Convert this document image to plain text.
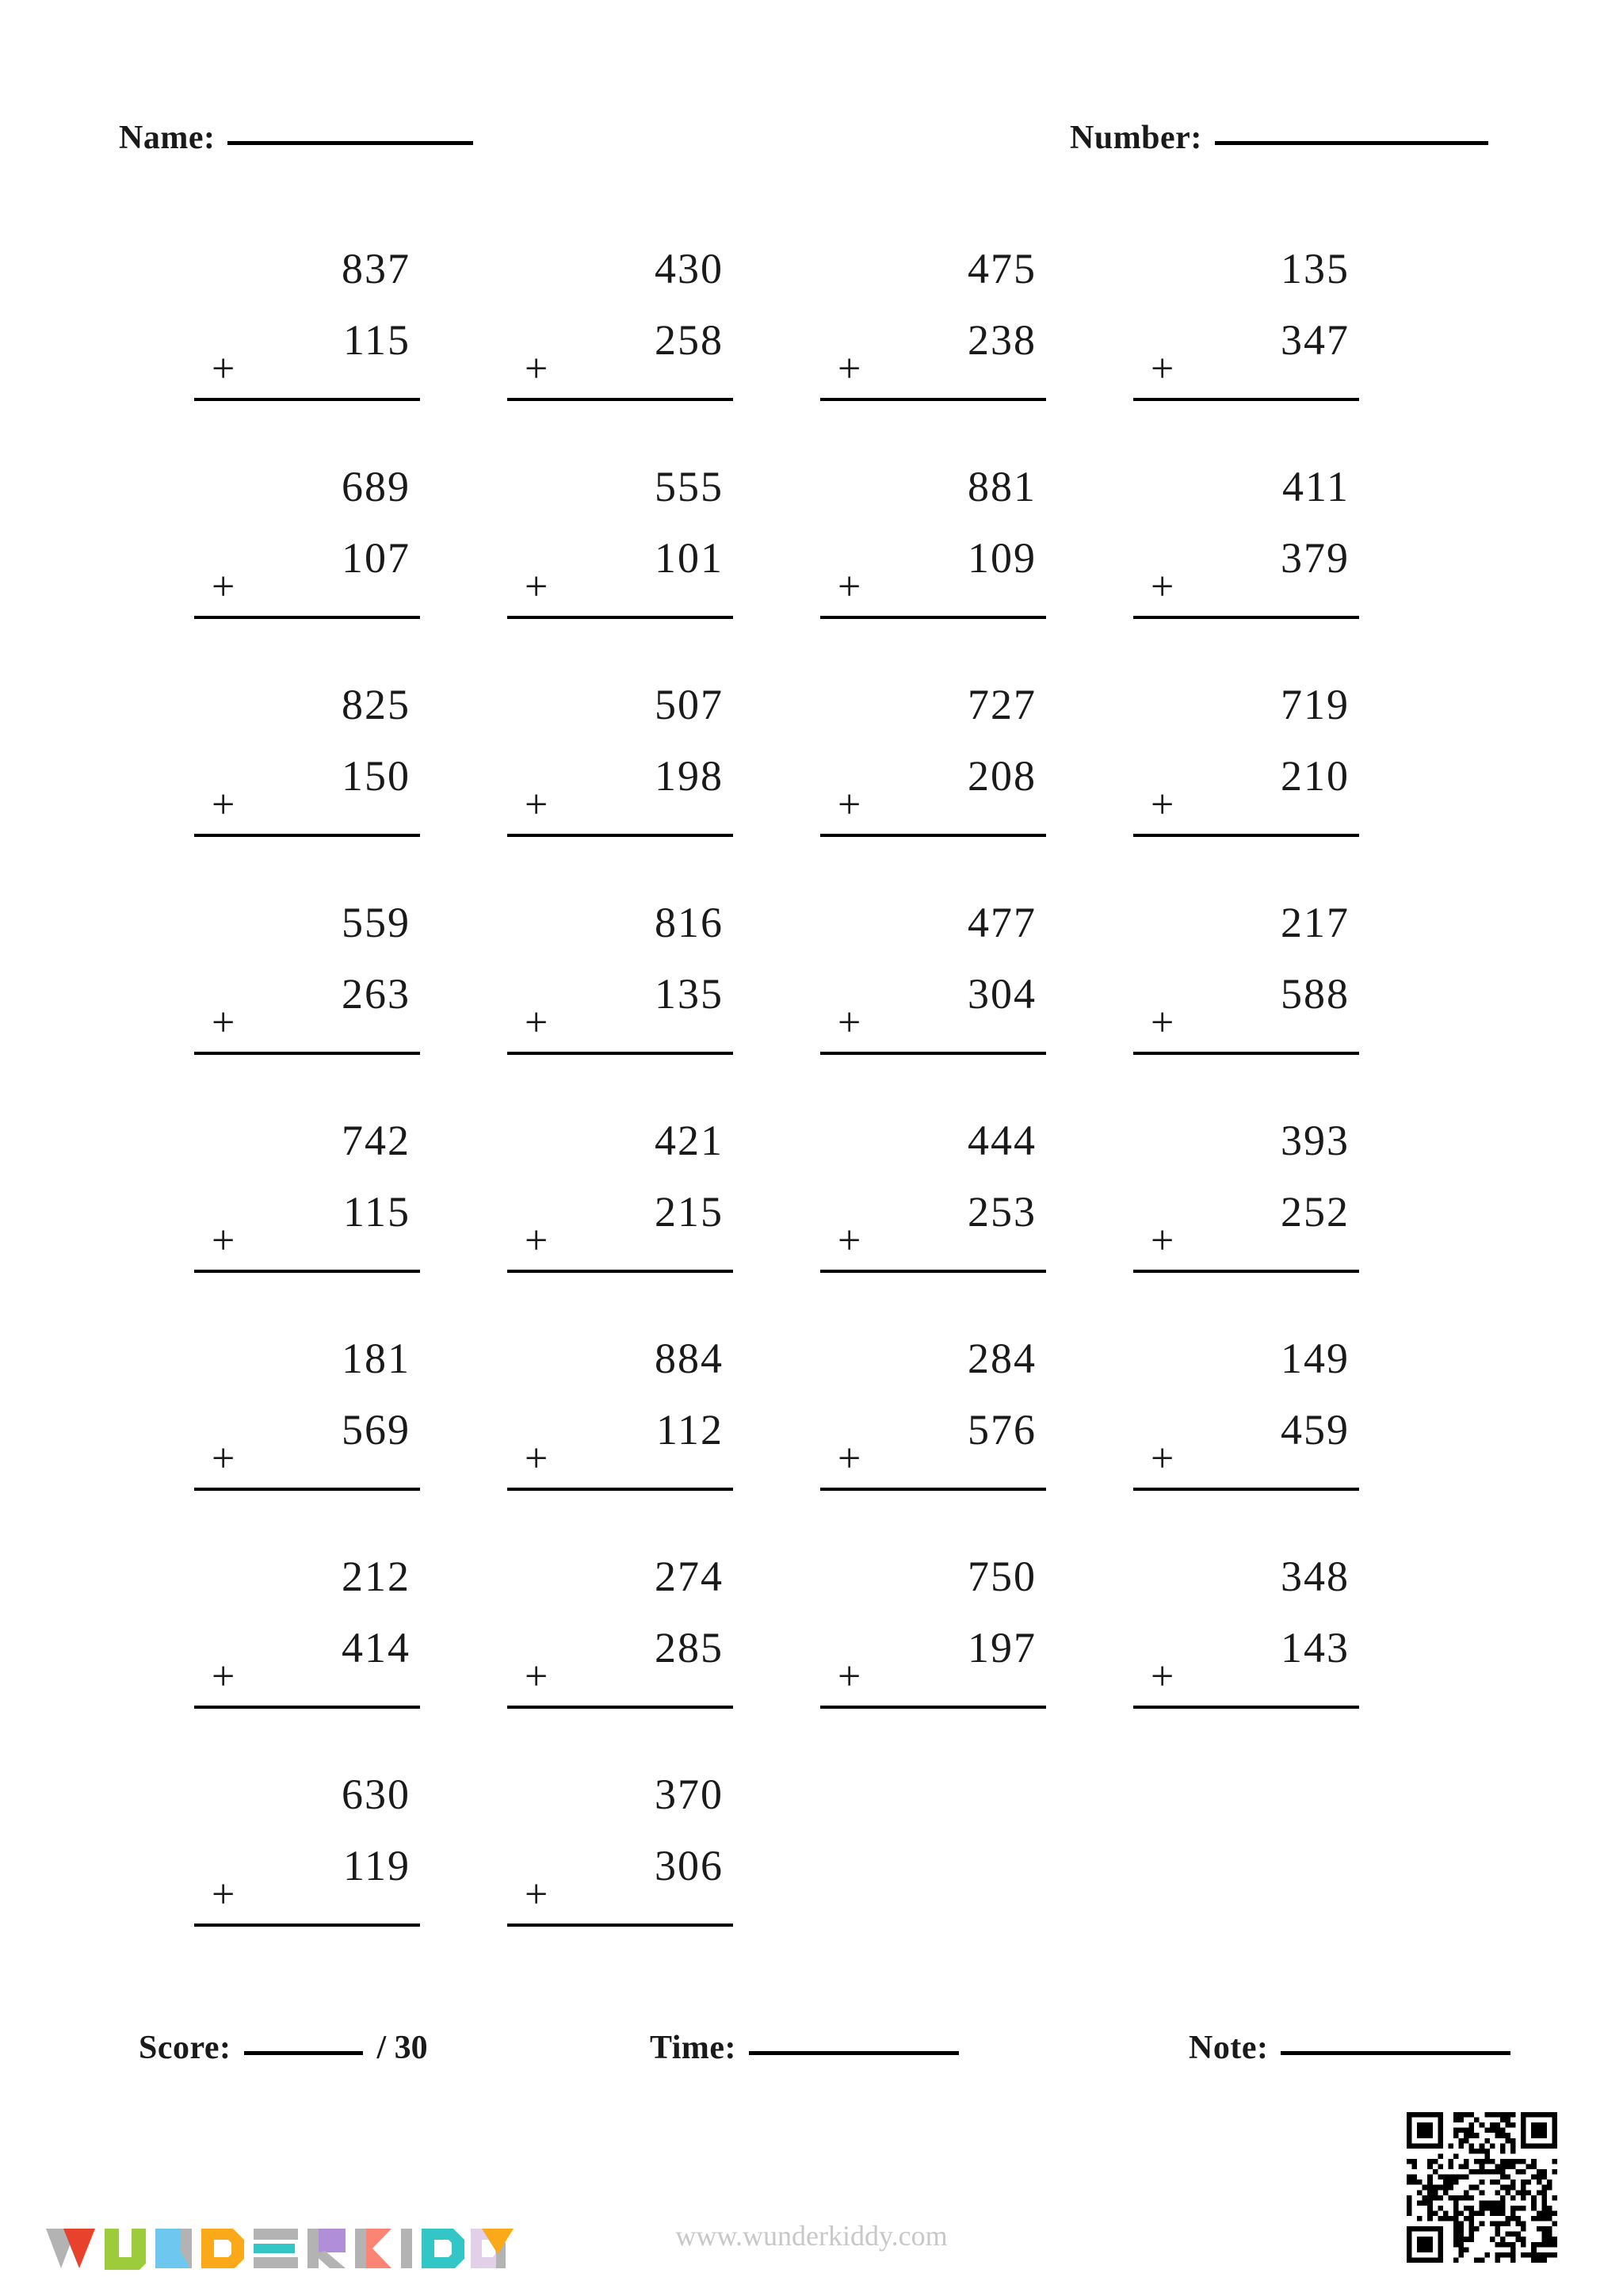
Name:	Number:
837
+
115
430
+
258
475
+
238
135
+
347
689
+
107
555
+
101
881
+
109
411
+
379
825
+
150
507
+
198
727
+
208
719
+
210
559
+
263
816
+
135
477
+
304
217
+
588
742
+
115
421
+
215
444
+
253
393
+
252
181
+
569
884
+
112
284
+
576
149
+
459
212
+
414
274
+
285
750
+
197
348
+
143
630
+
119
370
+
306
Score:	/ 30	Time:	Note:
www.wunderkiddy.com
